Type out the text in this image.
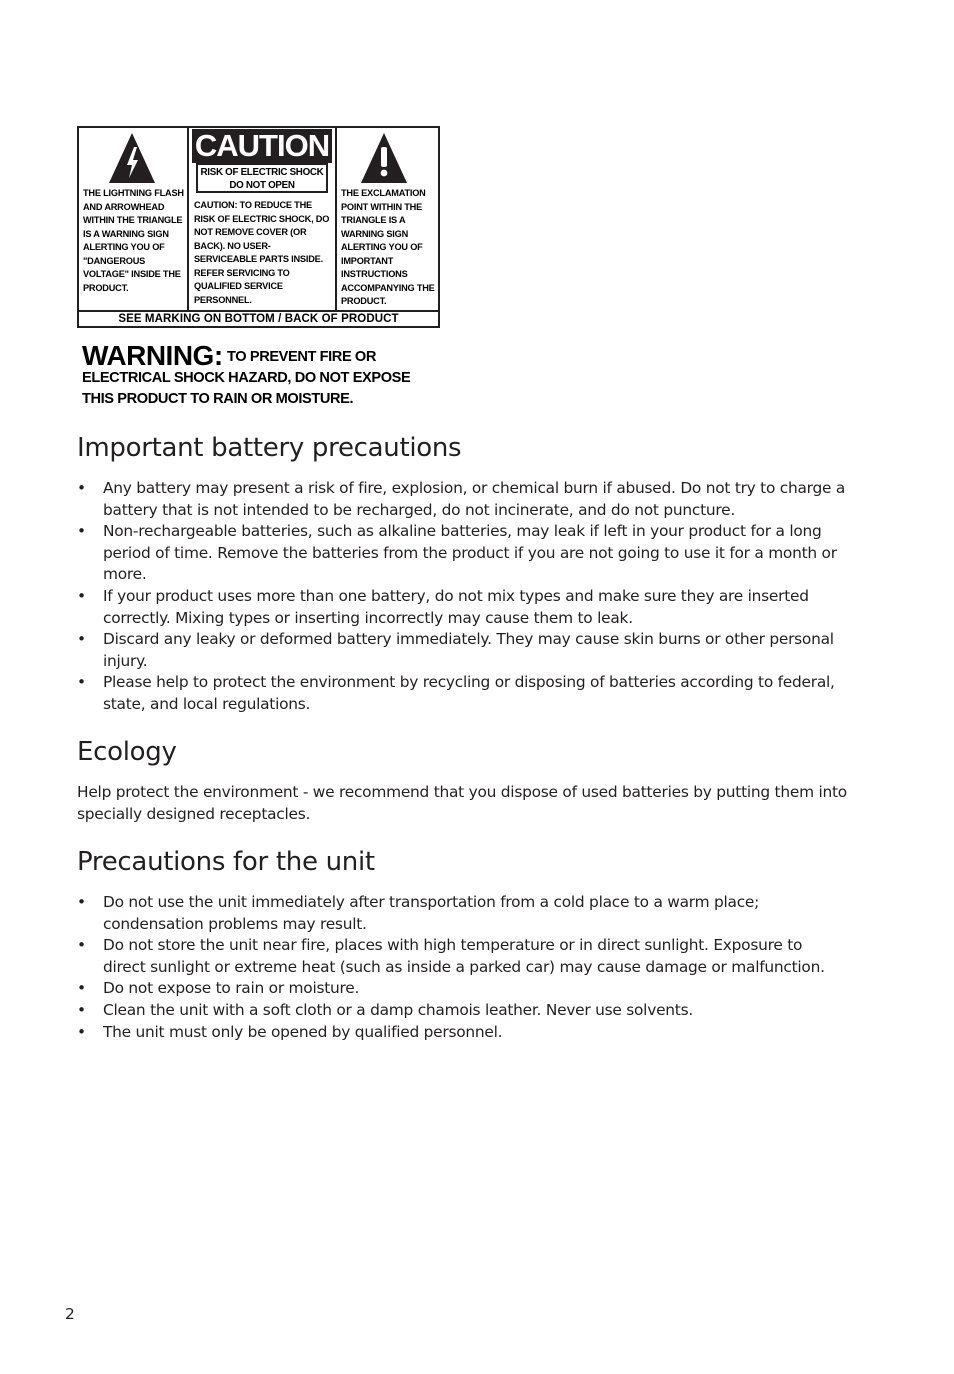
THE LIGHTNING FLASH AND ARROWHEAD WITHIN THE TRIANGLE IS A WARNING SIGN ALERTING YOU OF "DANGEROUS VOLTAGE" INSIDE THE PRODUCT.
CAUTION
RISK OF ELECTRIC SHOCK
DO NOT OPEN
CAUTION: TO REDUCE THE RISK OF ELECTRIC SHOCK, DO NOT REMOVE COVER (OR BACK). NO USER-SERVICEABLE PARTS INSIDE. REFER SERVICING TO QUALIFIED SERVICE PERSONNEL.
THE EXCLAMATION POINT WITHIN THE TRIANGLE IS A WARNING SIGN ALERTING YOU OF IMPORTANT INSTRUCTIONS ACCOMPANYING THE PRODUCT.
SEE MARKING ON BOTTOM / BACK OF PRODUCT
WARNING: TO PREVENT FIRE OR
ELECTRICAL SHOCK HAZARD, DO NOT EXPOSE
THIS PRODUCT TO RAIN OR MOISTURE.
Important battery precautions
• Any battery may present a risk of fire, explosion, or chemical burn if abused. Do not try to charge a battery that is not intended to be recharged, do not incinerate, and do not puncture.
• Non-rechargeable batteries, such as alkaline batteries, may leak if left in your product for a long period of time. Remove the batteries from the product if you are not going to use it for a month or more.
• If your product uses more than one battery, do not mix types and make sure they are inserted correctly. Mixing types or inserting incorrectly may cause them to leak.
• Discard any leaky or deformed battery immediately. They may cause skin burns or other personal injury.
• Please help to protect the environment by recycling or disposing of batteries according to federal, state, and local regulations.
Ecology

Help protect the environment - we recommend that you dispose of used batteries by putting them into specially designed receptacles.

Precautions for the unit
• Do not use the unit immediately after transportation from a cold place to a warm place; condensation problems may result.
• Do not store the unit near fire, places with high temperature or in direct sunlight. Exposure to direct sunlight or extreme heat (such as inside a parked car) may cause damage or malfunction.
• Do not expose to rain or moisture.
• Clean the unit with a soft cloth or a damp chamois leather. Never use solvents.
• The unit must only be opened by qualified personnel.
2
